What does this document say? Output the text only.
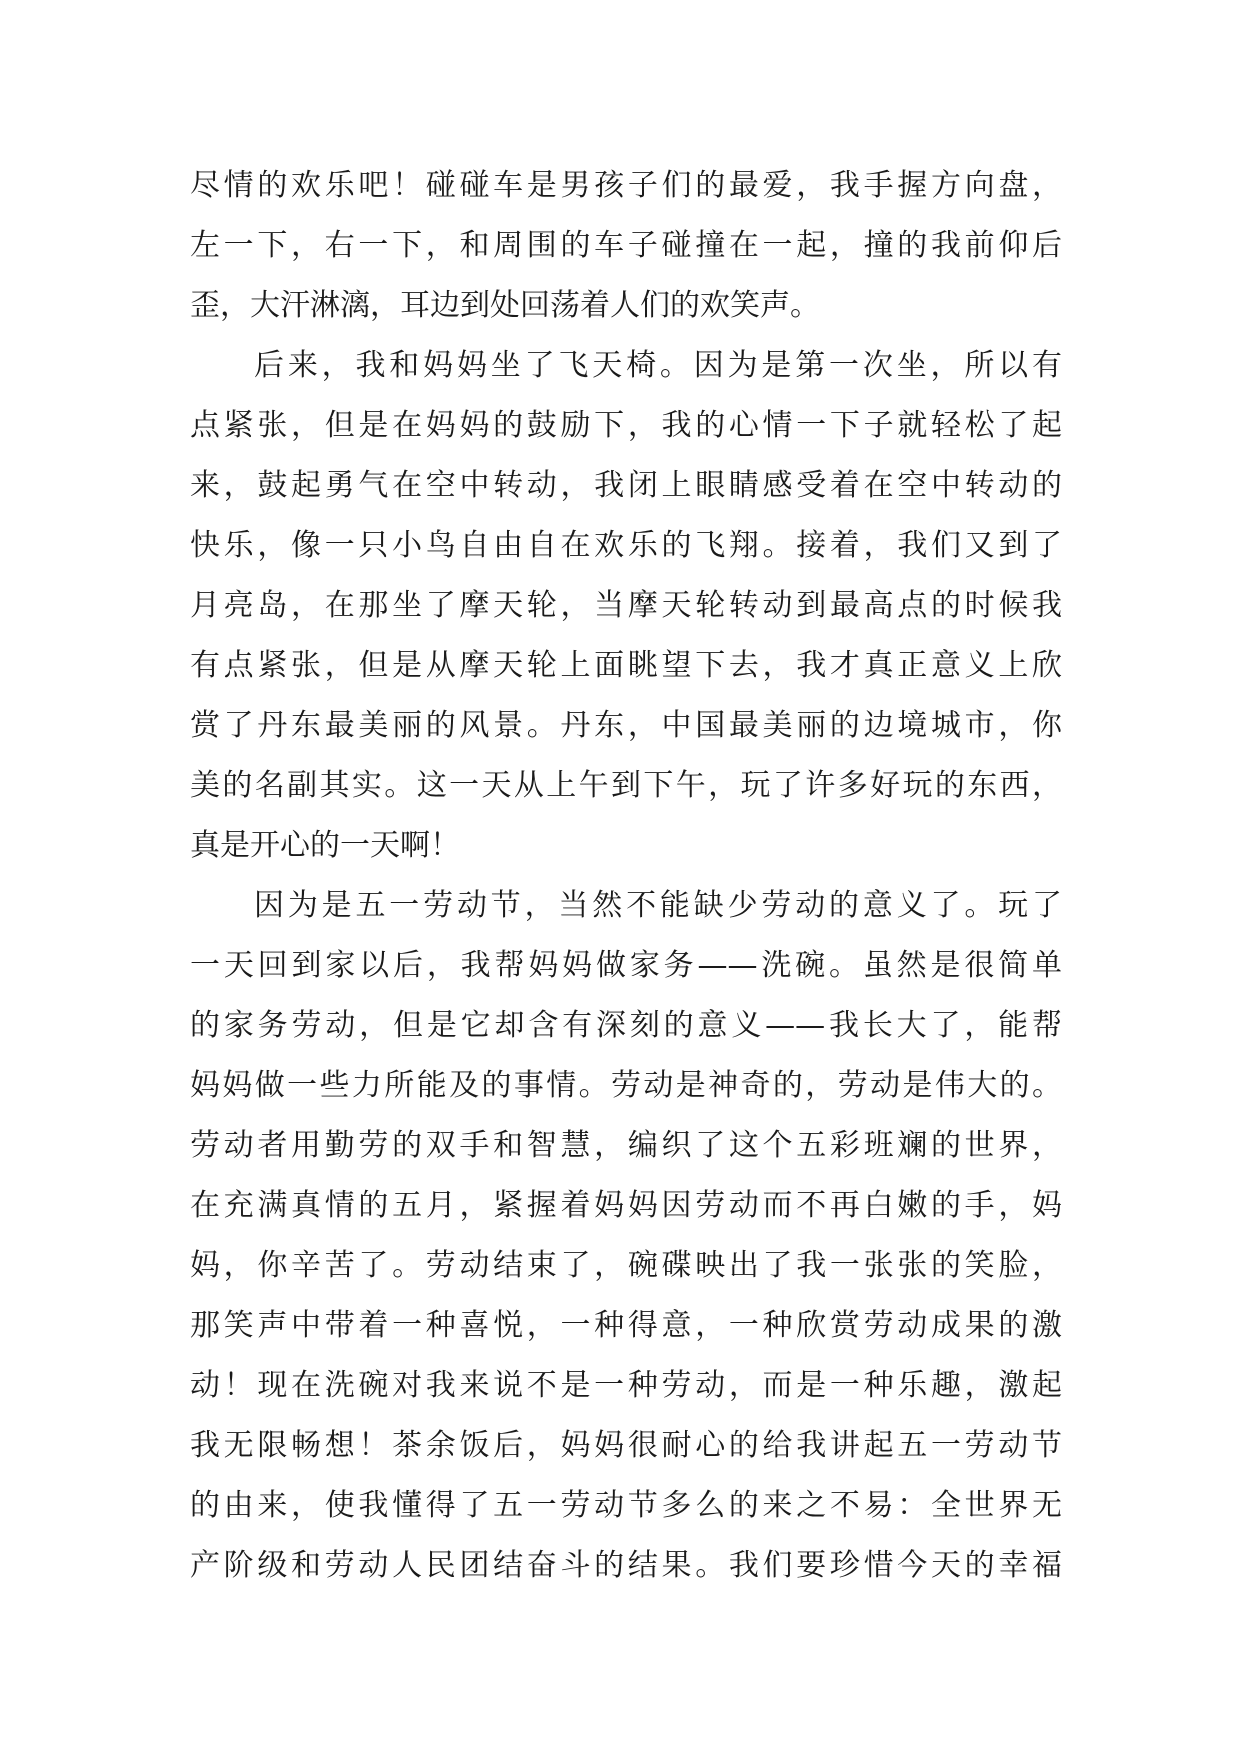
尽情的欢乐吧！碰碰车是男孩子们的最爱，我手握方向盘，
左一下，右一下，和周围的车子碰撞在一起，撞的我前仰后
歪，大汗淋漓，耳边到处回荡着人们的欢笑声。
后来，我和妈妈坐了飞天椅。因为是第一次坐，所以有
点紧张，但是在妈妈的鼓励下，我的心情一下子就轻松了起
来，鼓起勇气在空中转动，我闭上眼睛感受着在空中转动的
快乐，像一只小鸟自由自在欢乐的飞翔。接着，我们又到了
月亮岛，在那坐了摩天轮，当摩天轮转动到最高点的时候我
有点紧张，但是从摩天轮上面眺望下去，我才真正意义上欣
赏了丹东最美丽的风景。丹东，中国最美丽的边境城市，你
美的名副其实。这一天从上午到下午，玩了许多好玩的东西，
真是开心的一天啊！
因为是五一劳动节，当然不能缺少劳动的意义了。玩了
一天回到家以后，我帮妈妈做家务——洗碗。虽然是很简单
的家务劳动，但是它却含有深刻的意义——我长大了，能帮
妈妈做一些力所能及的事情。劳动是神奇的，劳动是伟大的。
劳动者用勤劳的双手和智慧，编织了这个五彩班斓的世界，
在充满真情的五月，紧握着妈妈因劳动而不再白嫩的手，妈
妈，你辛苦了。劳动结束了，碗碟映出了我一张张的笑脸，
那笑声中带着一种喜悦，一种得意，一种欣赏劳动成果的激
动！现在洗碗对我来说不是一种劳动，而是一种乐趣，激起
我无限畅想！茶余饭后，妈妈很耐心的给我讲起五一劳动节
的由来，使我懂得了五一劳动节多么的来之不易：全世界无
产阶级和劳动人民团结奋斗的结果。我们要珍惜今天的幸福
